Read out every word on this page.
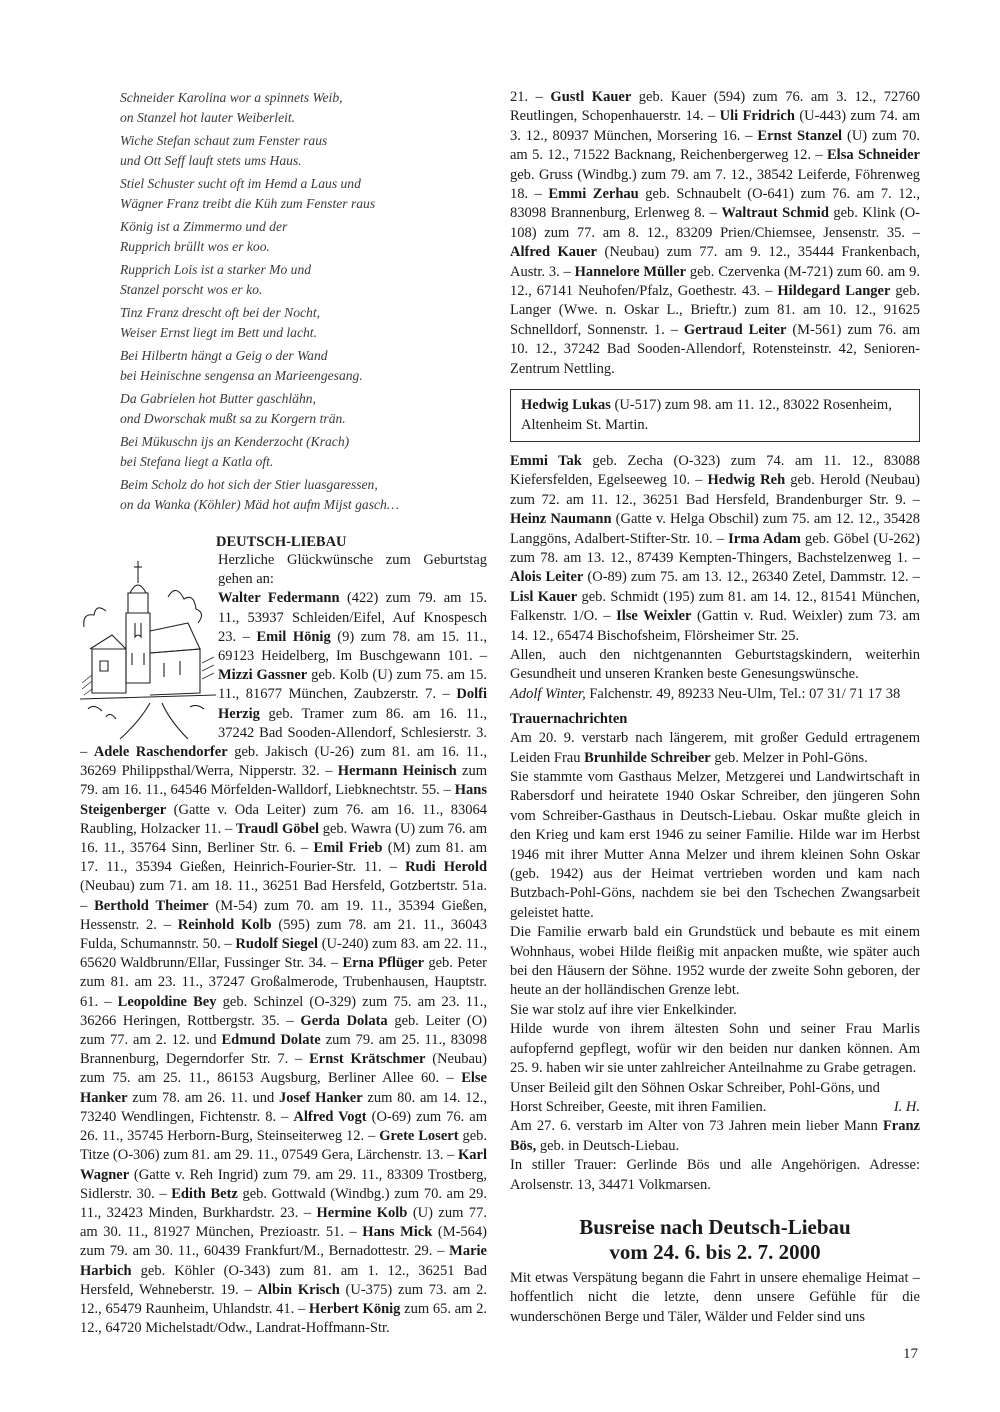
Schneider Karolina wor a spinnets Weib,
on Stanzel hot lauter Weiberleit.
Wiche Stefan schaut zum Fenster raus
und Ott Seff lauft stets ums Haus.
Stiel Schuster sucht oft im Hemd a Laus und
Wägner Franz treibt die Küh zum Fenster raus
König ist a Zimmermo und der
Rupprich brüllt wos er koo.
Rupprich Lois ist a starker Mo und
Stanzel porscht wos er ko.
Tinz Franz drescht oft bei der Nocht,
Weiser Ernst liegt im Bett und lacht.
Bei Hilbertn hängt a Geig o der Wand
bei Heinischne sengensa an Marieengesang.
Da Gabrielen hot Butter gaschlähn,
ond Dworschak mußt sa zu Korgern trän.
Bei Mükuschn ijs an Kenderzocht (Krach)
bei Stefana liegt a Katla oft.
Beim Scholz do hot sich der Stier luasgaressen,
on da Wanka (Köhler) Mäd hot aufm Mijst gasch…
DEUTSCH-LIEBAU

Herzliche Glückwünsche zum Geburtstag gehen an:

Walter Federmann (422) zum 79. am 15. 11., 53937 Schleiden/Eifel, Auf Knospesch 23. – Emil Hönig (9) zum 78. am 15. 11., 69123 Heidelberg, Im Buschgewann 101. – Mizzi Gassner geb. Kolb (U) zum 75. am 15. 11., 81677 München, Zaubzerstr. 7. – Dolfi Herzig geb. Tramer zum 86. am 16. 11., 37242 Bad Sooden-Allendorf, Schlesierstr. 3. – Adele Raschendorfer geb. Jakisch (U-26) zum 81. am 16. 11., 36269 Philippsthal/Werra, Nipperstr. 32. – Hermann Heinisch zum 79. am 16. 11., 64546 Mörfelden-Walldorf, Liebknechtstr. 55. – Hans Steigenberger (Gatte v. Oda Leiter) zum 76. am 16. 11., 83064 Raubling, Holzacker 11. – Traudl Göbel geb. Wawra (U) zum 76. am 16. 11., 35764 Sinn, Berliner Str. 6. – Emil Frieb (M) zum 81. am 17. 11., 35394 Gießen, Heinrich-Fourier-Str. 11. – Rudi Herold (Neubau) zum 71. am 18. 11., 36251 Bad Hersfeld, Gotzbertstr. 51a. – Berthold Theimer (M-54) zum 70. am 19. 11., 35394 Gießen, Hessenstr. 2. – Reinhold Kolb (595) zum 78. am 21. 11., 36043 Fulda, Schumannstr. 50. – Rudolf Siegel (U-240) zum 83. am 22. 11., 65620 Waldbrunn/Ellar, Fussinger Str. 34. – Erna Pflüger geb. Peter zum 81. am 23. 11., 37247 Großalmerode, Trubenhausen, Hauptstr. 61. – Leopoldine Bey geb. Schinzel (O-329) zum 75. am 23. 11., 36266 Heringen, Rottbergstr. 35. – Gerda Dolata geb. Leiter (O) zum 77. am 2. 12. und Edmund Dolate zum 79. am 25. 11., 83098 Brannenburg, Degerndorfer Str. 7. – Ernst Krätschmer (Neubau) zum 75. am 25. 11., 86153 Augsburg, Berliner Allee 60. – Else Hanker zum 78. am 26. 11. und Josef Hanker zum 80. am 14. 12., 73240 Wendlingen, Fichtenstr. 8. – Alfred Vogt (O-69) zum 76. am 26. 11., 35745 Herborn-Burg, Steinseiterweg 12. – Grete Losert geb. Titze (O-306) zum 81. am 29. 11., 07549 Gera, Lärchenstr. 13. – Karl Wagner (Gatte v. Reh Ingrid) zum 79. am 29. 11., 83309 Trostberg, Sidlerstr. 30. – Edith Betz geb. Gottwald (Windbg.) zum 70. am 29. 11., 32423 Minden, Burkhardstr. 23. – Hermine Kolb (U) zum 77. am 30. 11., 81927 München, Prezioastr. 51. – Hans Mick (M-564) zum 79. am 30. 11., 60439 Frankfurt/M., Bernadottestr. 29. – Marie Harbich geb. Köhler (O-343) zum 81. am 1. 12., 36251 Bad Hersfeld, Wehneberstr. 19. – Albin Krisch (U-375) zum 73. am 2. 12., 65479 Raunheim, Uhlandstr. 41. – Herbert König zum 65. am 2. 12., 64720 Michelstadt/Odw., Landrat-Hoffmann-Str.

21. – Gustl Kauer geb. Kauer (594) zum 76. am 3. 12., 72760 Reutlingen, Schopenhauerstr. 14. – Uli Fridrich (U-443) zum 74. am 3. 12., 80937 München, Morsering 16. – Ernst Stanzel (U) zum 70. am 5. 12., 71522 Backnang, Reichenbergerweg 12. – Elsa Schneider geb. Gruss (Windbg.) zum 79. am 7. 12., 38542 Leiferde, Föhrenweg 18. – Emmi Zerhau geb. Schnaubelt (O-641) zum 76. am 7. 12., 83098 Brannenburg, Erlenweg 8. – Waltraut Schmid geb. Klink (O-108) zum 77. am 8. 12., 83209 Prien/Chiemsee, Jensenstr. 35. – Alfred Kauer (Neubau) zum 77. am 9. 12., 35444 Frankenbach, Austr. 3. – Hannelore Müller geb. Czervenka (M-721) zum 60. am 9. 12., 67141 Neuhofen/Pfalz, Goethestr. 43. – Hildegard Langer geb. Langer (Wwe. n. Oskar L., Brieftr.) zum 81. am 10. 12., 91625 Schnelldorf, Sonnenstr. 1. – Gertraud Leiter (M-561) zum 76. am 10. 12., 37242 Bad Sooden-Allendorf, Rotensteinstr. 42, Senioren-Zentrum Nettling.

Hedwig Lukas (U-517) zum 98. am 11. 12., 83022 Rosenheim, Altenheim St. Martin.

Emmi Tak geb. Zecha (O-323) zum 74. am 11. 12., 83088 Kiefersfelden, Egelseeweg 10. – Hedwig Reh geb. Herold (Neubau) zum 72. am 11. 12., 36251 Bad Hersfeld, Brandenburger Str. 9. – Heinz Naumann (Gatte v. Helga Obschil) zum 75. am 12. 12., 35428 Langgöns, Adalbert-Stifter-Str. 10. – Irma Adam geb. Göbel (U-262) zum 78. am 13. 12., 87439 Kempten-Thingers, Bachstelzenweg 1. – Alois Leiter (O-89) zum 75. am 13. 12., 26340 Zetel, Dammstr. 12. – Lisl Kauer geb. Schmidt (195) zum 81. am 14. 12., 81541 München, Falkenstr. 1/O. – Ilse Weixler (Gattin v. Rud. Weixler) zum 73. am 14. 12., 65474 Bischofsheim, Flörsheimer Str. 25.

Allen, auch den nichtgenannten Geburtstagskindern, weiterhin Gesundheit und unseren Kranken beste Genesungswünsche.

Adolf Winter, Falchenstr. 49, 89233 Neu-Ulm, Tel.: 07 31/ 71 17 38

Trauernachrichten

Am 20. 9. verstarb nach längerem, mit großer Geduld ertragenem Leiden Frau Brunhilde Schreiber geb. Melzer in Pohl-Göns.

Sie stammte vom Gasthaus Melzer, Metzgerei und Landwirtschaft in Rabersdorf und heiratete 1940 Oskar Schreiber, den jüngeren Sohn vom Schreiber-Gasthaus in Deutsch-Liebau. Oskar mußte gleich in den Krieg und kam erst 1946 zu seiner Familie. Hilde war im Herbst 1946 mit ihrer Mutter Anna Melzer und ihrem kleinen Sohn Oskar (geb. 1942) aus der Heimat vertrieben worden und kam nach Butzbach-Pohl-Göns, nachdem sie bei den Tschechen Zwangsarbeit geleistet hatte.

Die Familie erwarb bald ein Grundstück und bebaute es mit einem Wohnhaus, wobei Hilde fleißig mit anpacken mußte, wie später auch bei den Häusern der Söhne. 1952 wurde der zweite Sohn geboren, der heute an der holländischen Grenze lebt.

Sie war stolz auf ihre vier Enkelkinder.

Hilde wurde von ihrem ältesten Sohn und seiner Frau Marlis aufopfernd gepflegt, wofür wir den beiden nur danken können. Am 25. 9. haben wir sie unter zahlreicher Anteilnahme zu Grabe getragen.

Unser Beileid gilt den Söhnen Oskar Schreiber, Pohl-Göns, und

Horst Schreiber, Geeste, mit ihren Familien.	I. H.

Am 27. 6. verstarb im Alter von 73 Jahren mein lieber Mann Franz Bös, geb. in Deutsch-Liebau.

In stiller Trauer: Gerlinde Bös und alle Angehörigen. Adresse: Arolsenstr. 13, 34471 Volkmarsen.

Busreise nach Deutsch-Liebau
vom 24. 6. bis 2. 7. 2000

Mit etwas Verspätung begann die Fahrt in unsere ehemalige Heimat – hoffentlich nicht die letzte, denn unsere Gefühle für die wunderschönen Berge und Täler, Wälder und Felder sind uns

17
